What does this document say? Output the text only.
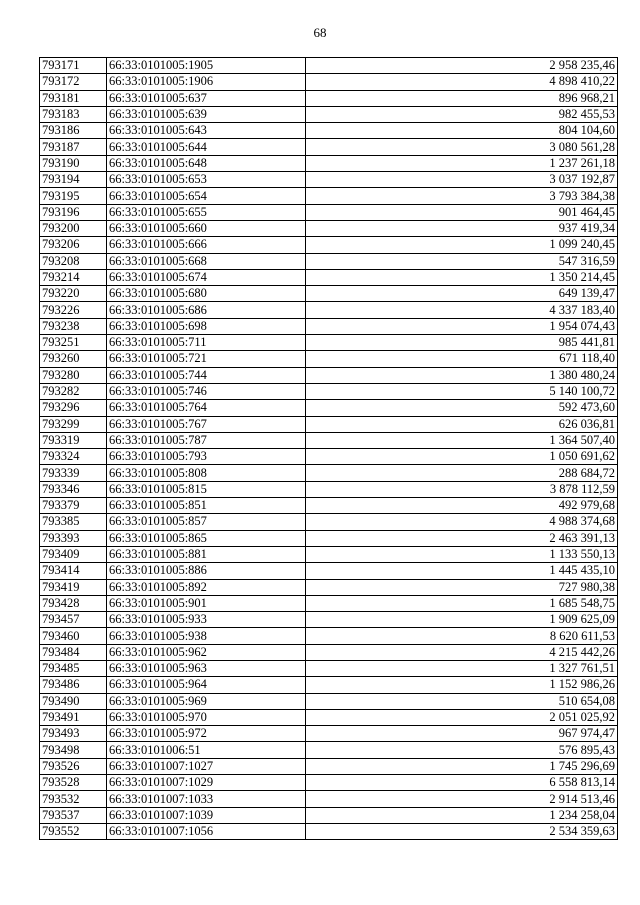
68
793171	66:33:0101005:1905	2 958 235,46
793172	66:33:0101005:1906	4 898 410,22
793181	66:33:0101005:637	896 968,21
793183	66:33:0101005:639	982 455,53
793186	66:33:0101005:643	804 104,60
793187	66:33:0101005:644	3 080 561,28
793190	66:33:0101005:648	1 237 261,18
793194	66:33:0101005:653	3 037 192,87
793195	66:33:0101005:654	3 793 384,38
793196	66:33:0101005:655	901 464,45
793200	66:33:0101005:660	937 419,34
793206	66:33:0101005:666	1 099 240,45
793208	66:33:0101005:668	547 316,59
793214	66:33:0101005:674	1 350 214,45
793220	66:33:0101005:680	649 139,47
793226	66:33:0101005:686	4 337 183,40
793238	66:33:0101005:698	1 954 074,43
793251	66:33:0101005:711	985 441,81
793260	66:33:0101005:721	671 118,40
793280	66:33:0101005:744	1 380 480,24
793282	66:33:0101005:746	5 140 100,72
793296	66:33:0101005:764	592 473,60
793299	66:33:0101005:767	626 036,81
793319	66:33:0101005:787	1 364 507,40
793324	66:33:0101005:793	1 050 691,62
793339	66:33:0101005:808	288 684,72
793346	66:33:0101005:815	3 878 112,59
793379	66:33:0101005:851	492 979,68
793385	66:33:0101005:857	4 988 374,68
793393	66:33:0101005:865	2 463 391,13
793409	66:33:0101005:881	1 133 550,13
793414	66:33:0101005:886	1 445 435,10
793419	66:33:0101005:892	727 980,38
793428	66:33:0101005:901	1 685 548,75
793457	66:33:0101005:933	1 909 625,09
793460	66:33:0101005:938	8 620 611,53
793484	66:33:0101005:962	4 215 442,26
793485	66:33:0101005:963	1 327 761,51
793486	66:33:0101005:964	1 152 986,26
793490	66:33:0101005:969	510 654,08
793491	66:33:0101005:970	2 051 025,92
793493	66:33:0101005:972	967 974,47
793498	66:33:0101006:51	576 895,43
793526	66:33:0101007:1027	1 745 296,69
793528	66:33:0101007:1029	6 558 813,14
793532	66:33:0101007:1033	2 914 513,46
793537	66:33:0101007:1039	1 234 258,04
793552	66:33:0101007:1056	2 534 359,63
